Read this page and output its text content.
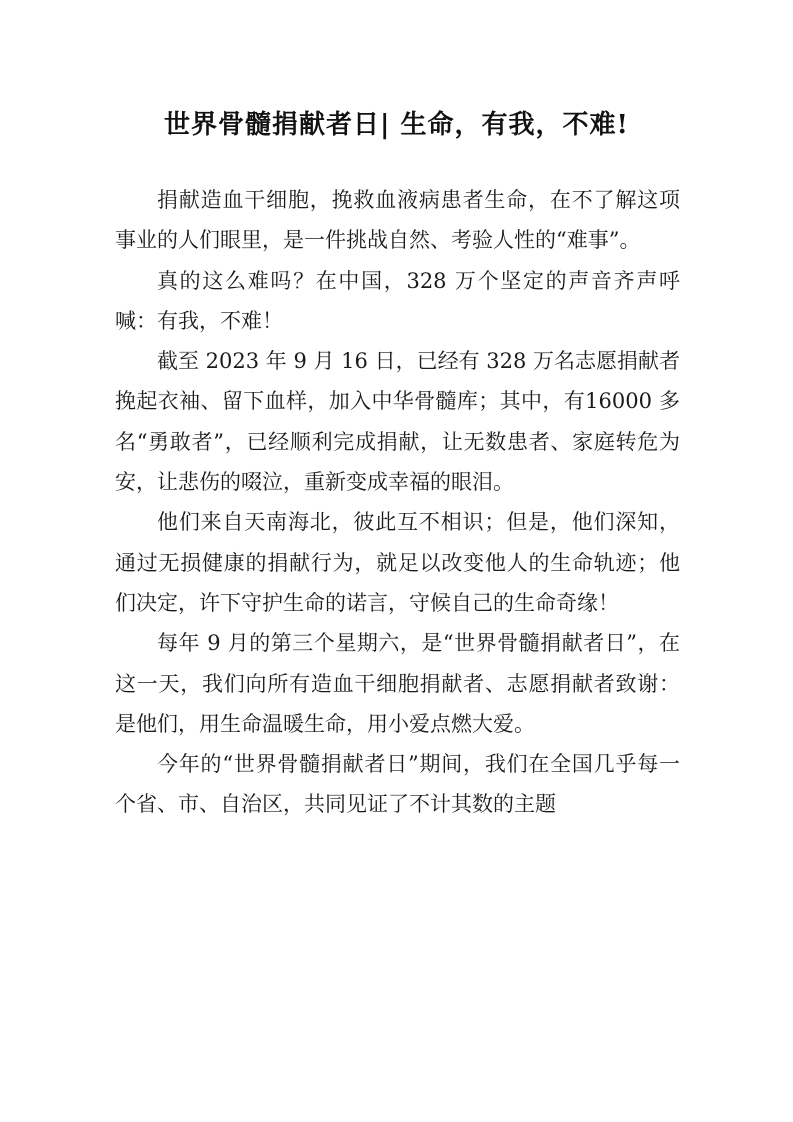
世界骨髓捐献者日| 生命，有我，不难!

捐献造血干细胞，挽救血液病患者生命，在不了解这项事业的人们眼里，是一件挑战自然、考验人性的“难事”。

真的这么难吗？在中国，328 万个坚定的声音齐声呼喊：有我，不难！

截至 2023 年 9 月 16 日，已经有 328 万名志愿捐献者挽起衣袖、留下血样，加入中华骨髓库；其中，有16000 多名“勇敢者”，已经顺利完成捐献，让无数患者、家庭转危为安，让悲伤的啜泣，重新变成幸福的眼泪。

他们来自天南海北，彼此互不相识；但是，他们深知，通过无损健康的捐献行为，就足以改变他人的生命轨迹；他们决定，许下守护生命的诺言，守候自己的生命奇缘！

每年 9 月的第三个星期六，是“世界骨髓捐献者日”，在这一天，我们向所有造血干细胞捐献者、志愿捐献者致谢：是他们，用生命温暖生命，用小爱点燃大爱。

今年的“世界骨髓捐献者日”期间，我们在全国几乎每一个省、市、自治区，共同见证了不计其数的主题
